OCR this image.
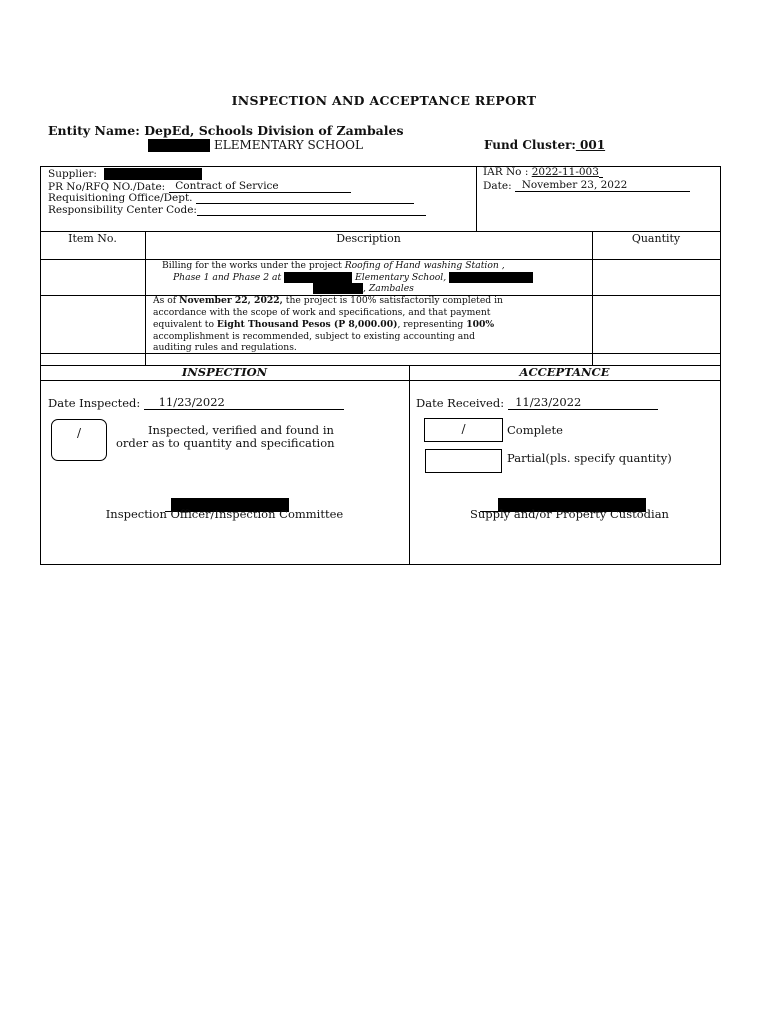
INSPECTION AND ACCEPTANCE REPORT
Entity Name: DepEd, Schools Division of Zambales
ELEMENTARY SCHOOL	Fund Cluster: 001
Supplier:
PR No/RFQ NO./Date: Contract of Service
Requisitioning Office/Dept.
Responsibility Center Code:
IAR No : 2022-11-003
Date: November 23, 2022
Item No.	Description	Quantity
Billing for the works under the project Roofing of Hand washing Station ,
Phase 1 and Phase 2 at	Elementary School,
, Zambales
As of November 22, 2022, the project is 100% satisfactorily completed in
accordance with the scope of work and specifications, and that payment
equivalent to Eight Thousand Pesos (P 8,000.00), representing 100%
accomplishment is recommended, subject to existing accounting and
auditing rules and regulations.
INSPECTION	ACCEPTANCE
Date Inspected: 11/23/2022
/	Inspected, verified and found in
order as to quantity and specification
Inspection Officer/Inspection Committee
Date Received: 11/23/2022
/	Complete
Partial(pls. specify quantity)
Supply and/or Property Custodian
